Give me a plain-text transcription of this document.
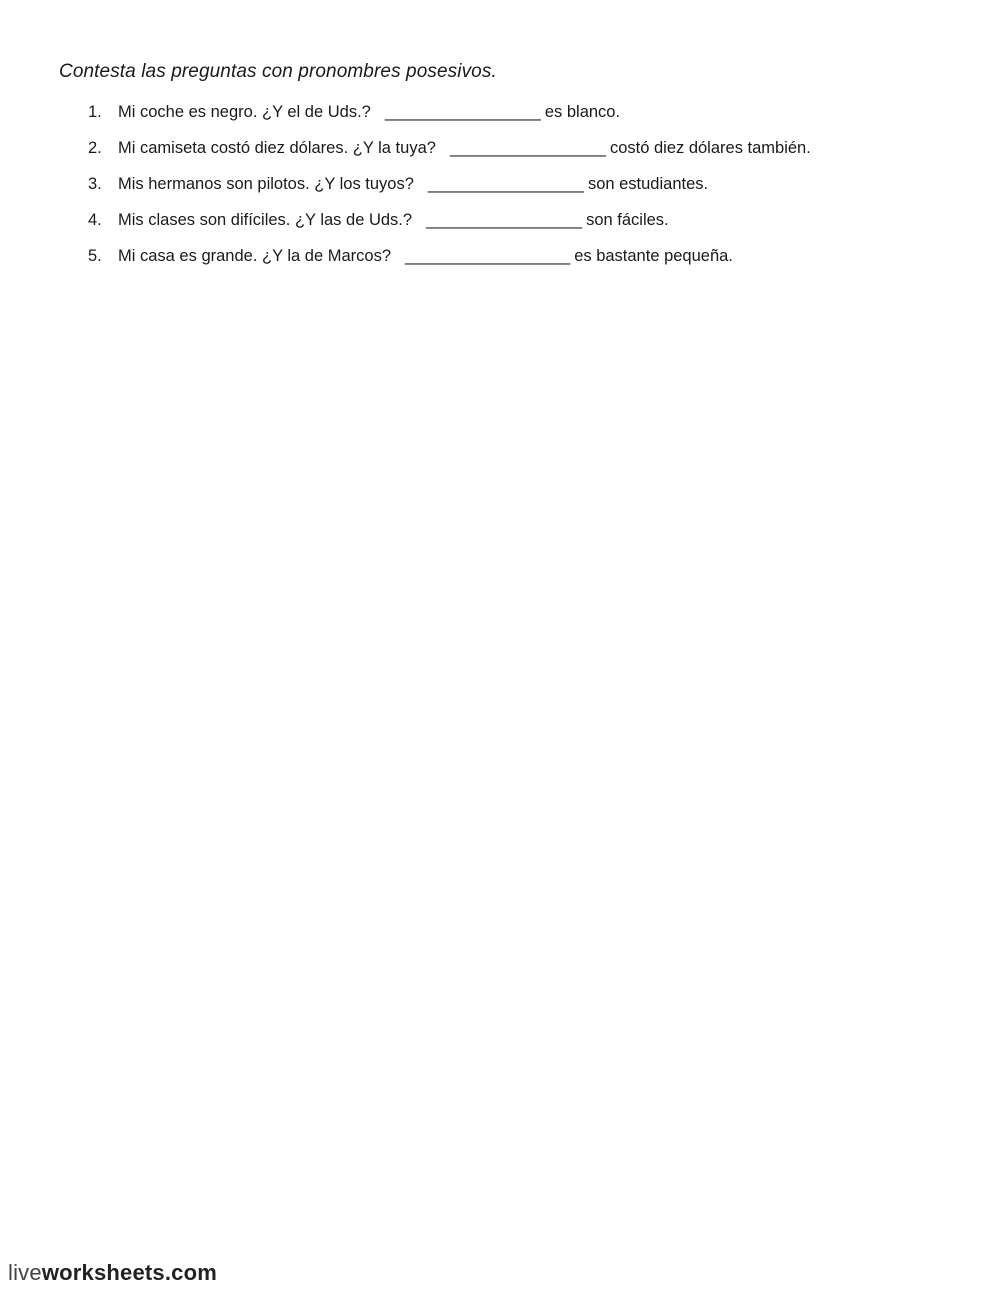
Contesta las preguntas con pronombres posesivos.
1. Mi coche es negro. ¿Y el de Uds.? _________________ es blanco.
2. Mi camiseta costó diez dólares. ¿Y la tuya? _________________ costó diez dólares también.
3. Mis hermanos son pilotos. ¿Y los tuyos? _________________ son estudiantes.
4. Mis clases son difíciles. ¿Y las de Uds.? _________________ son fáciles.
5. Mi casa es grande. ¿Y la de Marcos? __________________ es bastante pequeña.
liveworksheets.com
